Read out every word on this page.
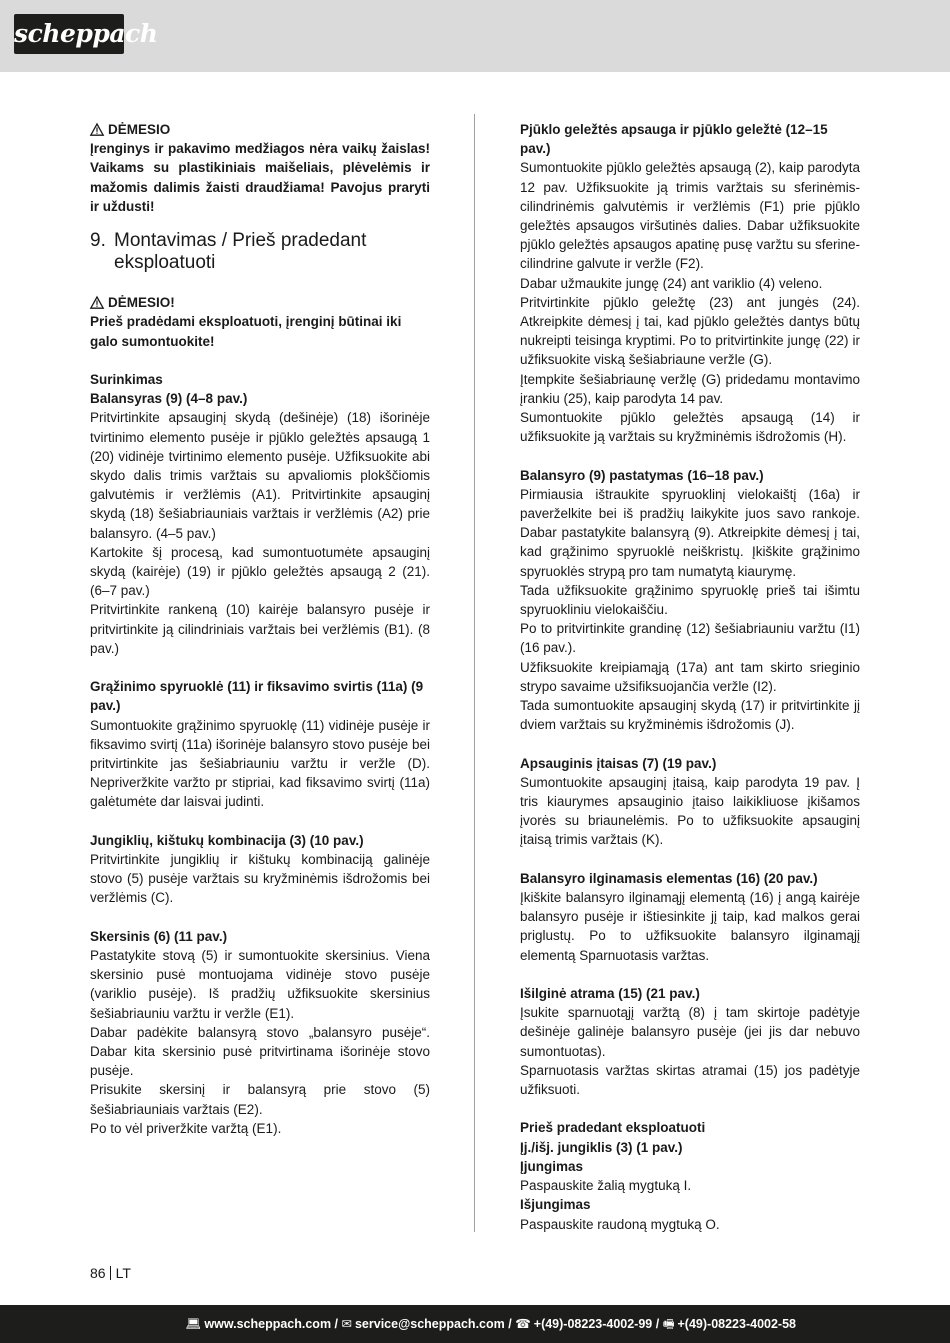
scheppach
DĖMESIO

Įrenginys ir pakavimo medžiagos nėra vaikų žaislas! Vaikams su plastikiniais maišeliais, plėvelėmis ir mažomis dalimis žaisti draudžiama! Pavojus praryti ir uždusti!

9. Montavimas / Prieš pradedant eksploatuoti
DĖMESIO!

Prieš pradėdami eksploatuoti, įrenginį būtinai iki galo sumontuokite!

Surinkimas

Balansyras (9) (4–8 pav.)

Pritvirtinkite apsauginį skydą (dešinėje) (18) išorinėje tvirtinimo elemento pusėje ir pjūklo geležtės apsaugą 1 (20) vidinėje tvirtinimo elemento pusėje. Užfiksuokite abi skydo dalis trimis varžtais su apvaliomis plokščiomis galvutėmis ir veržlėmis (A1). Pritvirtinkite apsauginį skydą (18) šešiabriauniais varžtais ir veržlėmis (A2) prie balansyro. (4–5 pav.)

Kartokite šį procesą, kad sumontuotumėte apsauginį skydą (kairėje) (19) ir pjūklo geležtės apsaugą 2 (21). (6–7 pav.)

Pritvirtinkite rankeną (10) kairėje balansyro pusėje ir pritvirtinkite ją cilindriniais varžtais bei veržlėmis (B1). (8 pav.)

Grąžinimo spyruoklė (11) ir fiksavimo svirtis (11a) (9 pav.)

Sumontuokite grąžinimo spyruoklę (11) vidinėje pusėje ir fiksavimo svirtį (11a) išorinėje balansyro stovo pusėje bei pritvirtinkite jas šešiabriauniu varžtu ir veržle (D). Nepriveržkite varžto pr stipriai, kad fiksavimo svirtį (11a) galėtumėte dar laisvai judinti.

Jungiklių, kištukų kombinacija (3) (10 pav.)

Pritvirtinkite jungiklių ir kištukų kombinaciją galinėje stovo (5) pusėje varžtais su kryžminėmis išdrožomis bei veržlėmis (C).

Skersinis (6) (11 pav.)

Pastatykite stovą (5) ir sumontuokite skersinius. Viena skersinio pusė montuojama vidinėje stovo pusėje (variklio pusėje). Iš pradžių užfiksuokite skersinius šešiabriauniu varžtu ir veržle (E1).

Dabar padėkite balansyrą stovo „balansyro pusėje“. Dabar kita skersinio pusė pritvirtinama išorinėje stovo pusėje.

Prisukite skersinį ir balansyrą prie stovo (5) šešiabriauniais varžtais (E2).

Po to vėl priveržkite varžtą (E1).

Pjūklo geležtės apsauga ir pjūklo geležtė (12–15 pav.)

Sumontuokite pjūklo geležtės apsaugą (2), kaip parodyta 12 pav. Užfiksuokite ją trimis varžtais su sferinėmis-cilindrinėmis galvutėmis ir veržlėmis (F1) prie pjūklo geležtės apsaugos viršutinės dalies. Dabar užfiksuokite pjūklo geležtės apsaugos apatinę pusę varžtu su sferine-cilindrine galvute ir veržle (F2).

Dabar užmaukite jungę (24) ant variklio (4) veleno.

Pritvirtinkite pjūklo geležtę (23) ant jungės (24). Atkreipkite dėmesį į tai, kad pjūklo geležtės dantys būtų nukreipti teisinga kryptimi. Po to pritvirtinkite jungę (22) ir užfiksuokite viską šešiabriaune veržle (G).

Įtempkite šešiabriaunę veržlę (G) pridedamu montavimo įrankiu (25), kaip parodyta 14 pav.

Sumontuokite pjūklo geležtės apsaugą (14) ir užfiksuokite ją varžtais su kryžminėmis išdrožomis (H).

Balansyro (9) pastatymas (16–18 pav.)

Pirmiausia ištraukite spyruoklinį vielokaištį (16a) ir paverželkite bei iš pradžių laikykite juos savo rankoje. Dabar pastatykite balansyrą (9). Atkreipkite dėmesį į tai, kad grąžinimo spyruoklė neiškristų. Įkiškite grąžinimo spyruoklės strypą pro tam numatytą kiaurymę.

Tada užfiksuokite grąžinimo spyruoklę prieš tai išimtu spyruokliniu vielokaiščiu.

Po to pritvirtinkite grandinę (12) šešiabriauniu varžtu (I1) (16 pav.).

Užfiksuokite kreipiamąją (17a) ant tam skirto srieginio strypo savaime užsifiksuojančia veržle (I2).

Tada sumontuokite apsauginį skydą (17) ir pritvirtinkite jį dviem varžtais su kryžminėmis išdrožomis (J).

Apsauginis įtaisas (7) (19 pav.)

Sumontuokite apsauginį įtaisą, kaip parodyta 19 pav. Į tris kiaurymes apsauginio įtaiso laikikliuose įkišamos įvorės su briaunelėmis. Po to užfiksuokite apsauginį įtaisą trimis varžtais (K).

Balansyro ilginamasis elementas (16) (20 pav.)

Įkiškite balansyro ilginamąjį elementą (16) į angą kairėje balansyro pusėje ir ištiesinkite jį taip, kad malkos gerai priglustų. Po to užfiksuokite balansyro ilginamąjį elementą Sparnuotasis varžtas.

Išilginė atrama (15) (21 pav.)

Įsukite sparnuotąjį varžtą (8) į tam skirtoje padėtyje dešinėje galinėje balansyro pusėje (jei jis dar nebuvo sumontuotas).

Sparnuotasis varžtas skirtas atramai (15) jos padėtyje užfiksuoti.

Prieš pradedant eksploatuoti

Įj./išj. jungiklis (3) (1 pav.)

Įjungimas

Paspauskite žalią mygtuką I.

Išjungimas

Paspauskite raudoną mygtuką O.

86 LT
💻︎ www.scheppach.com / ✉︎ service@scheppach.com / ☎︎ +(49)-08223-4002-99 / 🖷︎ +(49)-08223-4002-58
